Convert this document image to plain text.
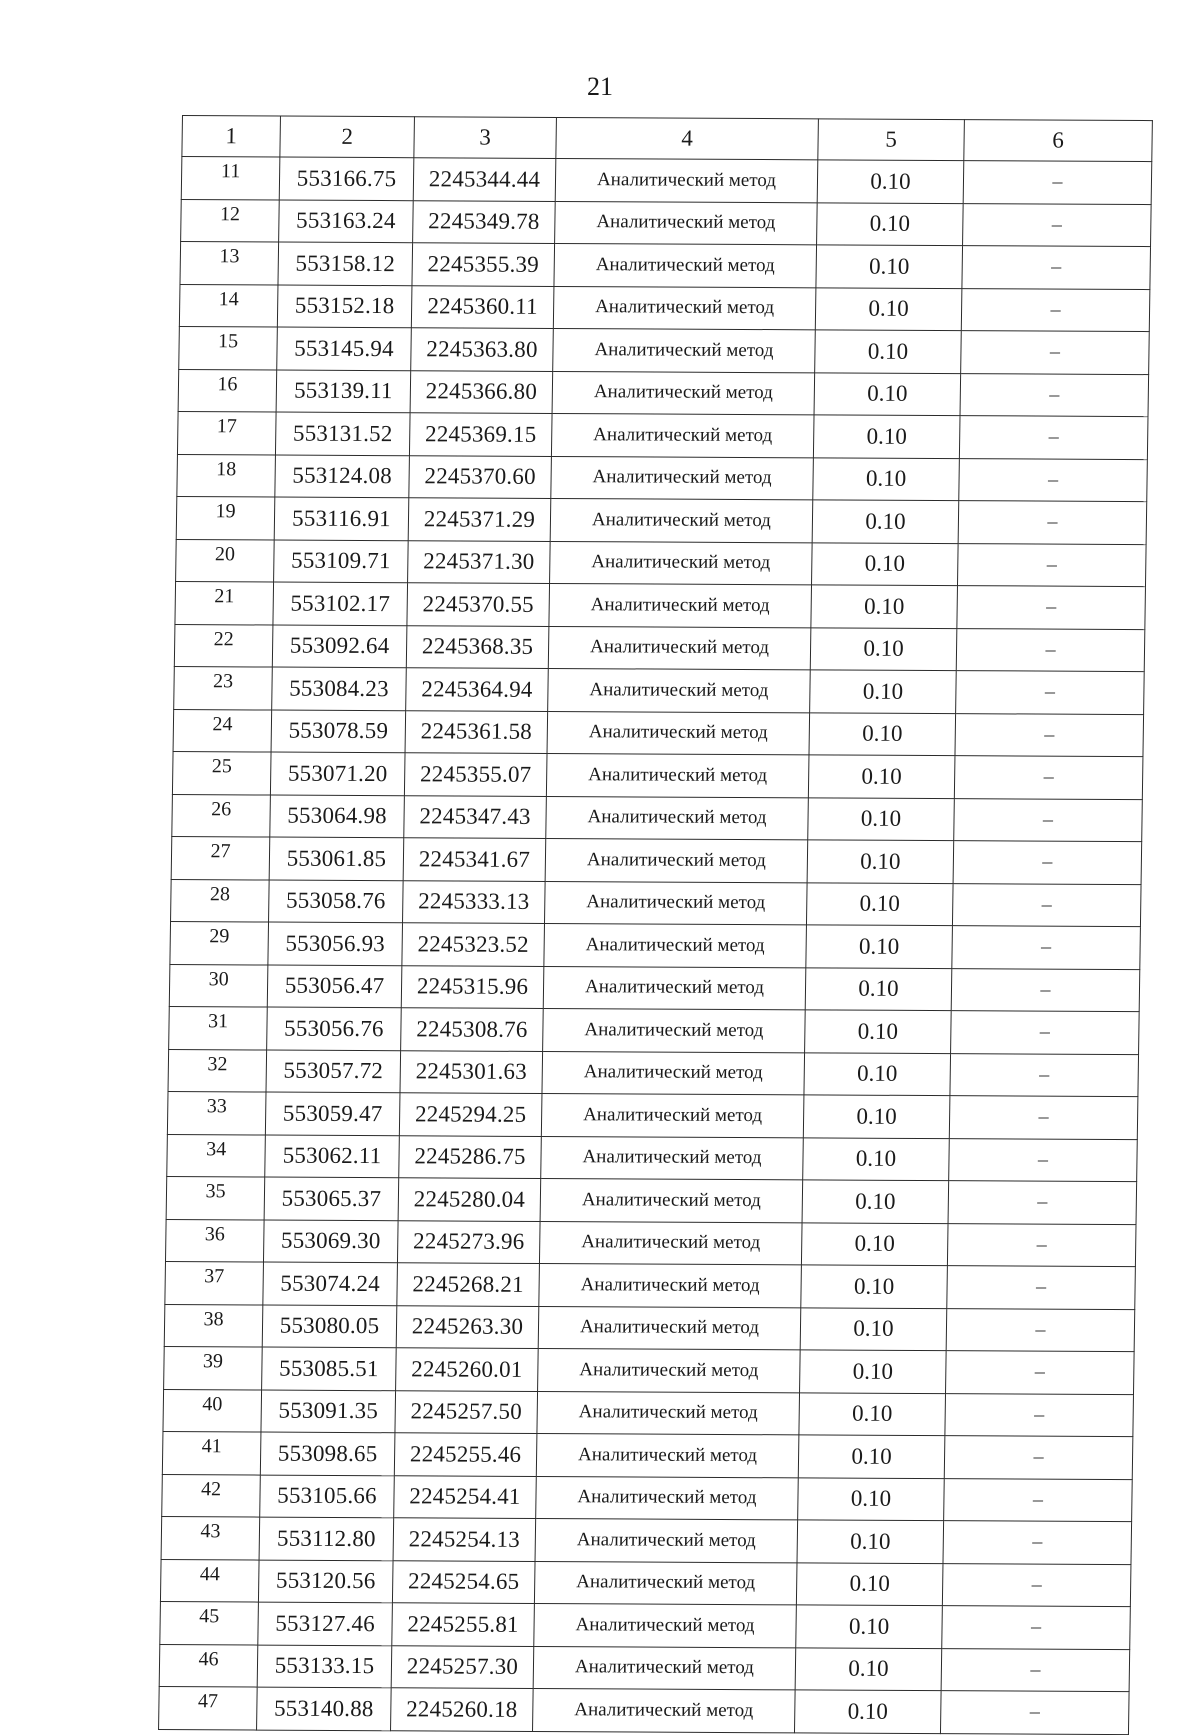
21
1	2	3	4	5	6
11	553166.75	2245344.44	Аналитический метод	0.10	–
12	553163.24	2245349.78	Аналитический метод	0.10	–
13	553158.12	2245355.39	Аналитический метод	0.10	–
14	553152.18	2245360.11	Аналитический метод	0.10	–
15	553145.94	2245363.80	Аналитический метод	0.10	–
16	553139.11	2245366.80	Аналитический метод	0.10	–
17	553131.52	2245369.15	Аналитический метод	0.10	–
18	553124.08	2245370.60	Аналитический метод	0.10	–
19	553116.91	2245371.29	Аналитический метод	0.10	–
20	553109.71	2245371.30	Аналитический метод	0.10	–
21	553102.17	2245370.55	Аналитический метод	0.10	–
22	553092.64	2245368.35	Аналитический метод	0.10	–
23	553084.23	2245364.94	Аналитический метод	0.10	–
24	553078.59	2245361.58	Аналитический метод	0.10	–
25	553071.20	2245355.07	Аналитический метод	0.10	–
26	553064.98	2245347.43	Аналитический метод	0.10	–
27	553061.85	2245341.67	Аналитический метод	0.10	–
28	553058.76	2245333.13	Аналитический метод	0.10	–
29	553056.93	2245323.52	Аналитический метод	0.10	–
30	553056.47	2245315.96	Аналитический метод	0.10	–
31	553056.76	2245308.76	Аналитический метод	0.10	–
32	553057.72	2245301.63	Аналитический метод	0.10	–
33	553059.47	2245294.25	Аналитический метод	0.10	–
34	553062.11	2245286.75	Аналитический метод	0.10	–
35	553065.37	2245280.04	Аналитический метод	0.10	–
36	553069.30	2245273.96	Аналитический метод	0.10	–
37	553074.24	2245268.21	Аналитический метод	0.10	–
38	553080.05	2245263.30	Аналитический метод	0.10	–
39	553085.51	2245260.01	Аналитический метод	0.10	–
40	553091.35	2245257.50	Аналитический метод	0.10	–
41	553098.65	2245255.46	Аналитический метод	0.10	–
42	553105.66	2245254.41	Аналитический метод	0.10	–
43	553112.80	2245254.13	Аналитический метод	0.10	–
44	553120.56	2245254.65	Аналитический метод	0.10	–
45	553127.46	2245255.81	Аналитический метод	0.10	–
46	553133.15	2245257.30	Аналитический метод	0.10	–
47	553140.88	2245260.18	Аналитический метод	0.10	–
